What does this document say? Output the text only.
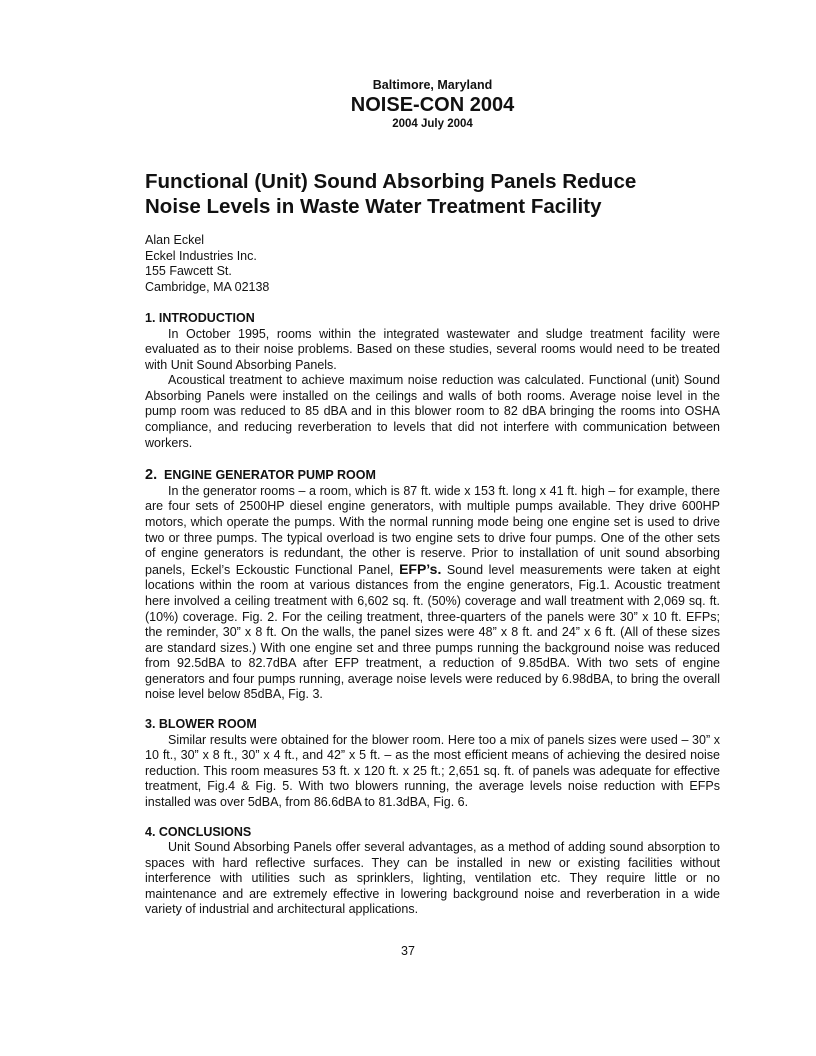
Baltimore, Maryland
NOISE-CON 2004
2004 July 2004
Functional (Unit) Sound Absorbing Panels Reduce
Noise Levels in Waste Water Treatment Facility
Alan Eckel
Eckel Industries Inc.
155 Fawcett St.
Cambridge, MA 02138
1. INTRODUCTION

In October 1995, rooms within the integrated wastewater and sludge treatment facility were evaluated as to their noise problems. Based on these studies, several rooms would need to be treated with Unit Sound Absorbing Panels.

Acoustical treatment to achieve maximum noise reduction was calculated. Functional (unit) Sound Absorbing Panels were installed on the ceilings and walls of both rooms. Average noise level in the pump room was reduced to 85 dBA and in this blower room to 82 dBA bringing the rooms into OSHA compliance, and reducing reverberation to levels that did not interfere with communication between workers.

2. ENGINE GENERATOR PUMP ROOM

In the generator rooms – a room, which is 87 ft. wide x 153 ft. long x 41 ft. high – for example, there are four sets of 2500HP diesel engine generators, with multiple pumps available. They drive 600HP motors, which operate the pumps. With the normal running mode being one engine set is used to drive two or three pumps. The typical overload is two engine sets to drive four pumps. One of the other sets of engine generators is redundant, the other is reserve. Prior to installation of unit sound absorbing panels, Eckel’s Eckoustic Functional Panel, EFP’s. Sound level measurements were taken at eight locations within the room at various distances from the engine generators, Fig.1. Acoustic treatment here involved a ceiling treatment with 6,602 sq. ft. (50%) coverage and wall treatment with 2,069 sq. ft. (10%) coverage. Fig. 2. For the ceiling treatment, three-quarters of the panels were 30” x 10 ft. EFPs; the reminder, 30” x 8 ft. On the walls, the panel sizes were 48” x 8 ft. and 24” x 6 ft. (All of these sizes are standard sizes.) With one engine set and three pumps running the background noise was reduced from 92.5dBA to 82.7dBA after EFP treatment, a reduction of 9.85dBA. With two sets of engine generators and four pumps running, average noise levels were reduced by 6.98dBA, to bring the overall noise level below 85dBA, Fig. 3.

3. BLOWER ROOM

Similar results were obtained for the blower room. Here too a mix of panels sizes were used – 30” x 10 ft., 30” x 8 ft., 30” x 4 ft., and 42” x 5 ft. – as the most efficient means of achieving the desired noise reduction. This room measures 53 ft. x 120 ft. x 25 ft.; 2,651 sq. ft. of panels was adequate for effective treatment, Fig.4 & Fig. 5. With two blowers running, the average levels noise reduction with EFPs installed was over 5dBA, from 86.6dBA to 81.3dBA, Fig. 6.

4. CONCLUSIONS

Unit Sound Absorbing Panels offer several advantages, as a method of adding sound absorption to spaces with hard reflective surfaces. They can be installed in new or existing facilities without interference with utilities such as sprinklers, lighting, ventilation etc. They require little or no maintenance and are extremely effective in lowering background noise and reverberation in a wide variety of industrial and architectural applications.

37
